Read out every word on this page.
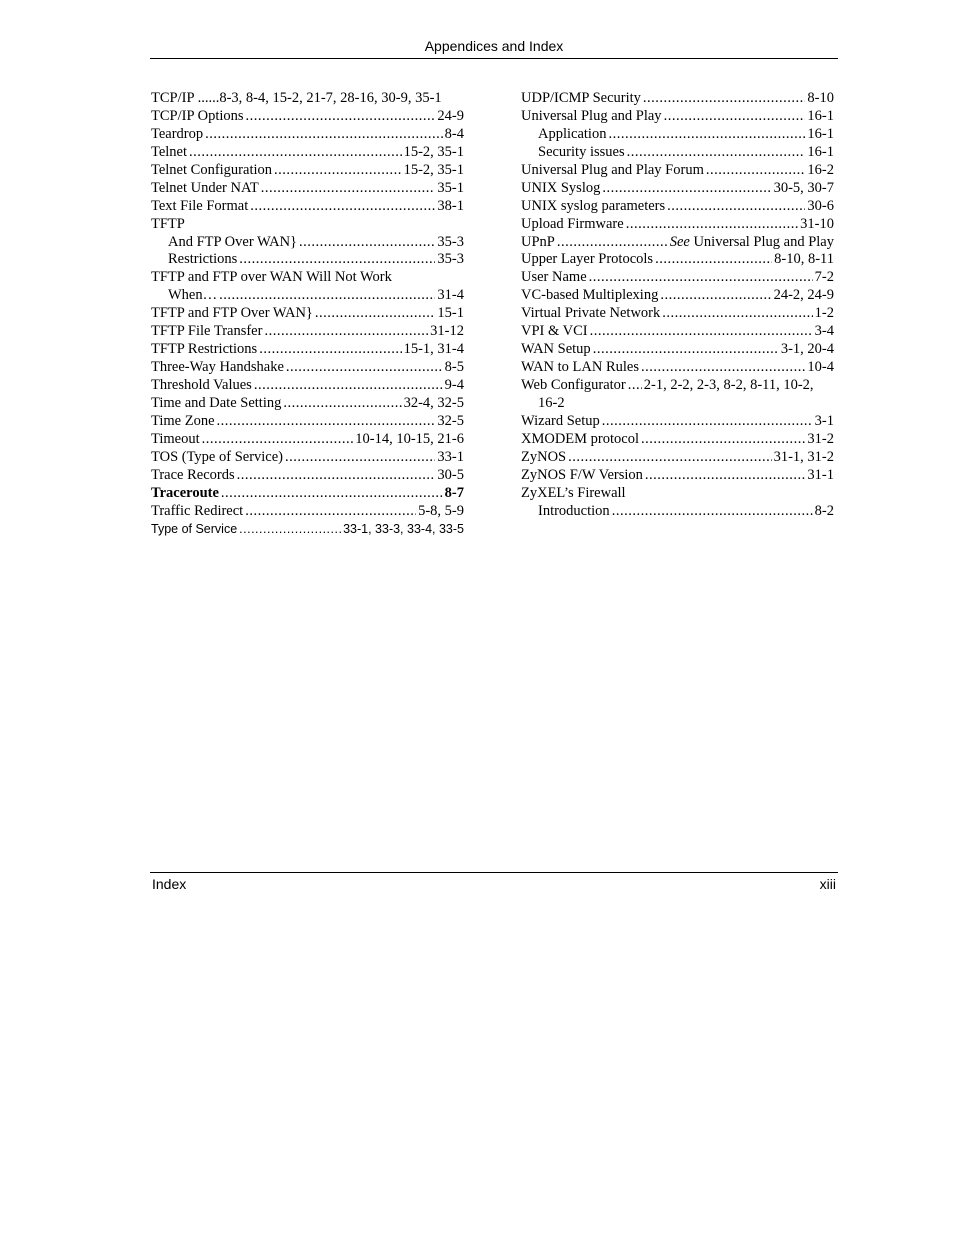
Appendices and Index
TCP/IP ......8-3, 8-4, 15-2, 21-7, 28-16, 30-9, 35-1
TCP/IP Options .....	24-9
Teardrop .....	8-4
Telnet .....	15-2, 35-1
Telnet Configuration .....	15-2, 35-1
Telnet Under NAT .....	35-1
Text File Format .....	38-1
TFTP
And FTP Over WAN} .....	35-3
Restrictions .....	35-3
TFTP and FTP over WAN Will Not Work
When… .....	31-4
TFTP and FTP Over WAN} .....	15-1
TFTP File Transfer .....	31-12
TFTP Restrictions .....	15-1, 31-4
Three-Way Handshake .....	8-5
Threshold Values .....	9-4
Time and Date Setting .....	32-4, 32-5
Time Zone .....	32-5
Timeout .....	10-14, 10-15, 21-6
TOS (Type of Service) .....	33-1
Trace Records .....	30-5
Traceroute .....	8-7
Traffic Redirect .....	5-8, 5-9
Type of Service .....	33-1, 33-3, 33-4, 33-5
UDP/ICMP Security .....	8-10
Universal Plug and Play .....	16-1
Application .....	16-1
Security issues .....	16-1
Universal Plug and Play Forum .....	16-2
UNIX Syslog .....	30-5, 30-7
UNIX syslog parameters .....	30-6
Upload Firmware .....	31-10
UPnP .....	See Universal Plug and Play
Upper Layer Protocols .....	8-10, 8-11
User Name .....	7-2
VC-based Multiplexing .....	24-2, 24-9
Virtual Private Network .....	1-2
VPI & VCI .....	3-4
WAN Setup .....	3-1, 20-4
WAN to LAN Rules .....	10-4
Web Configurator ..... 2-1, 2-2, 2-3, 8-2, 8-11, 10-2,
16-2
Wizard Setup .....	3-1
XMODEM protocol .....	31-2
ZyNOS .....	31-1, 31-2
ZyNOS F/W Version .....	31-1
ZyXEL’s Firewall
Introduction .....	8-2
Index	xiii
